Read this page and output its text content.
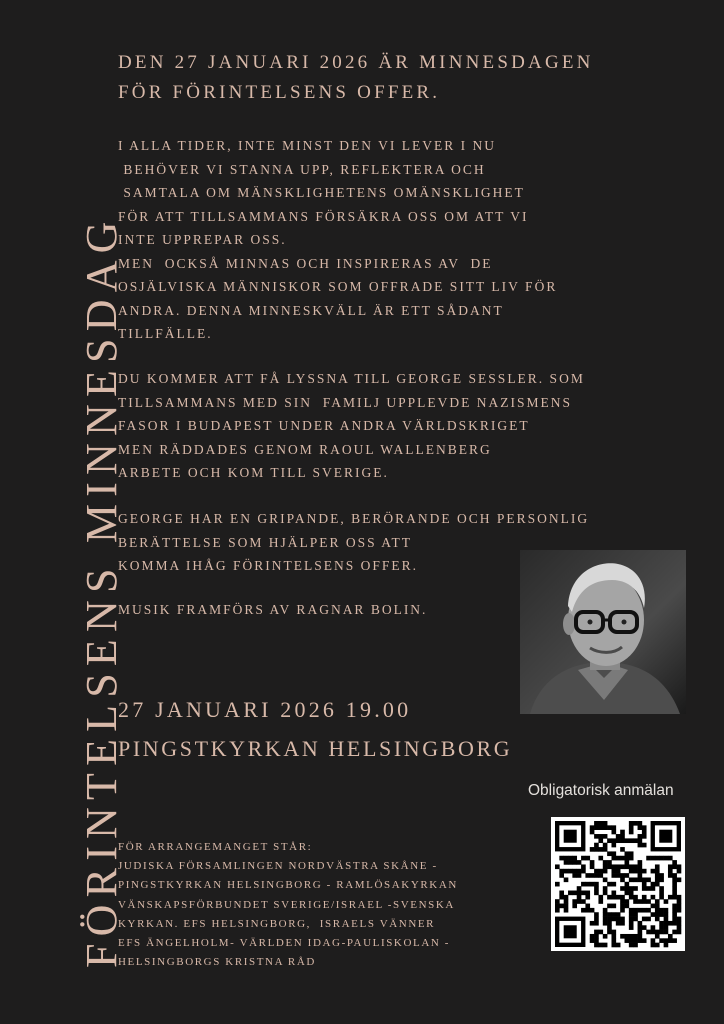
FÖRINTELSENS MINNESDAG
DEN 27 JANUARI 2026 ÄR MINNESDAGEN
FÖR FÖRINTELSENS OFFER.
I ALLA TIDER, INTE MINST DEN VI LEVER I NU
BEHÖVER VI STANNA UPP, REFLEKTERA OCH
SAMTALA OM MÄNSKLIGHETENS OMÄNSKLIGHET
FÖR ATT TILLSAMMANS FÖRSÄKRA OSS OM ATT VI
INTE UPPREPAR OSS.
MEN  OCKSÅ MINNAS OCH INSPIRERAS AV  DE
OSJÄLVISKA MÄNNISKOR SOM OFFRADE SITT LIV FÖR
ANDRA. DENNA MINNESKVÄLL ÄR ETT SÅDANT
TILLFÄLLE.
DU KOMMER ATT FÅ LYSSNA TILL GEORGE SESSLER. SOM
TILLSAMMANS MED SIN  FAMILJ UPPLEVDE NAZISMENS
FASOR I BUDAPEST UNDER ANDRA VÄRLDSKRIGET
MEN RÄDDADES GENOM RAOUL WALLENBERG
ARBETE OCH KOM TILL SVERIGE.
GEORGE HAR EN GRIPANDE, BERÖRANDE OCH PERSONLIG
BERÄTTELSE SOM HJÄLPER OSS ATT
KOMMA IHÅG FÖRINTELSENS OFFER.
MUSIK FRAMFÖRS AV RAGNAR BOLIN.
27 JANUARI 2026 19.00
PINGSTKYRKAN HELSINGBORG
Obligatorisk anmälan
FÖR ARRANGEMANGET STÅR:
JUDISKA FÖRSAMLINGEN NORDVÄSTRA SKÅNE -
PINGSTKYRKAN HELSINGBORG - RAMLÖSAKYRKAN
VÄNSKAPSFÖRBUNDET SVERIGE/ISRAEL -SVENSKA
KYRKAN. EFS HELSINGBORG,  ISRAELS VÄNNER
EFS ÄNGELHOLM- VÄRLDEN IDAG-PAULISKOLAN -
HELSINGBORGS KRISTNA RÅD
